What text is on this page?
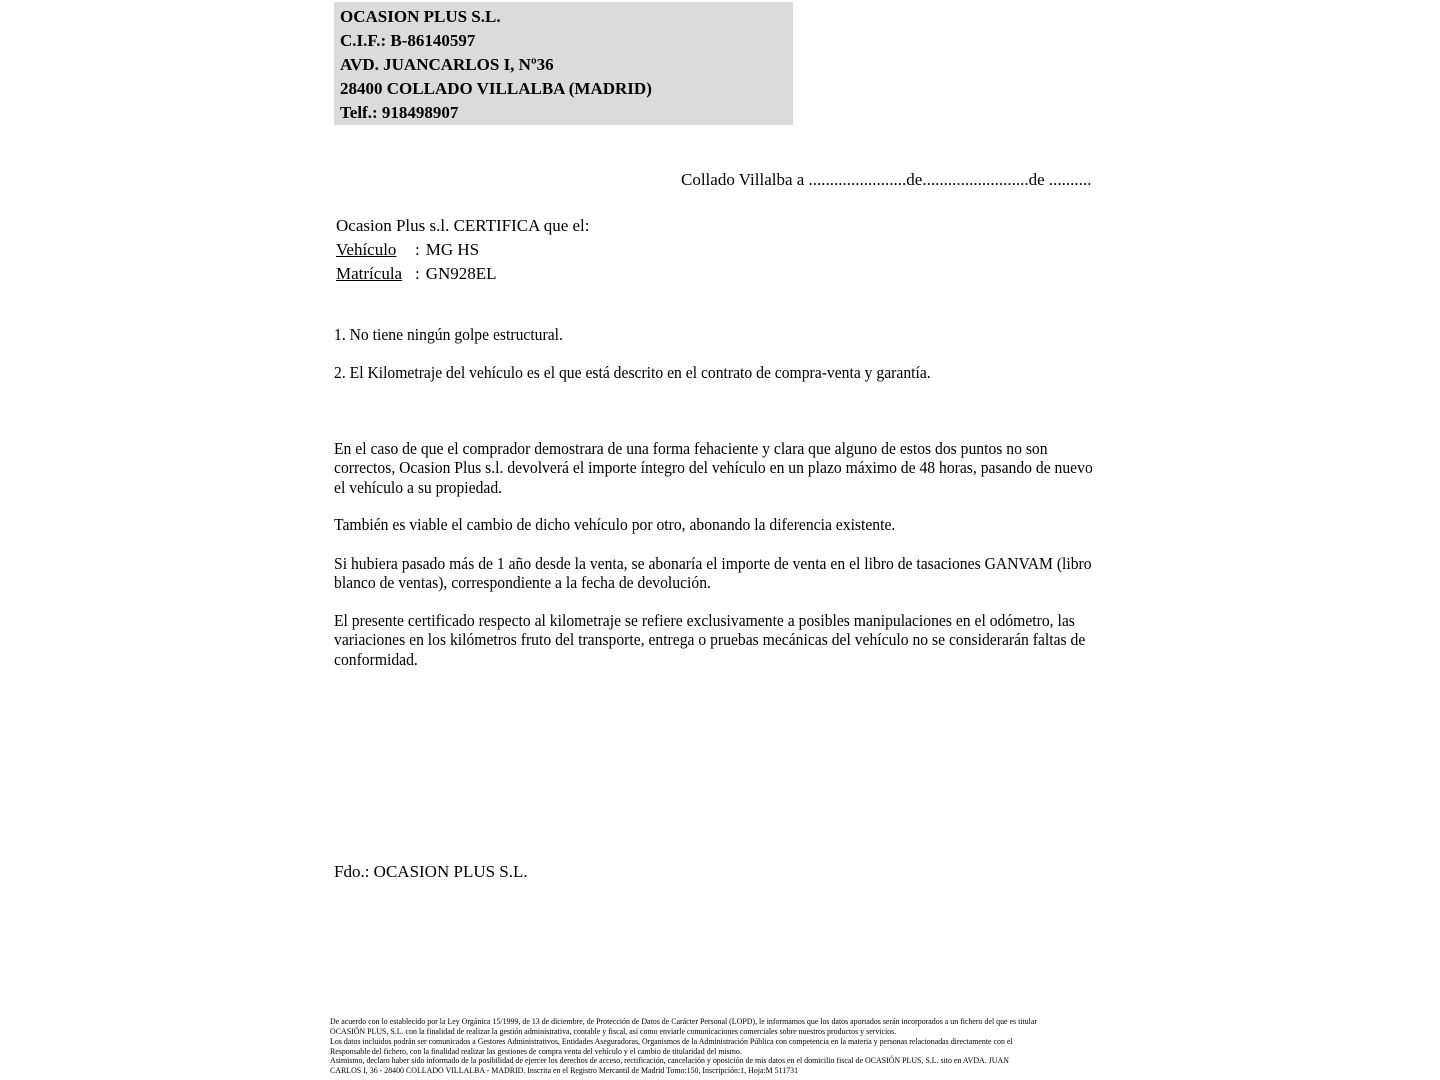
OCASION PLUS S.L.
C.I.F.: B-86140597
AVD. JUANCARLOS I, Nº36
28400 COLLADO VILLALBA (MADRID)
Telf.: 918498907
Collado Villalba a .......................de.........................de ..........
Ocasion Plus s.l. CERTIFICA que el:
Vehículo : MG HS
Matrícula : GN928EL
1. No tiene ningún golpe estructural.
2. El Kilometraje del vehículo es el que está descrito en el contrato de compra-venta y garantía.
En el caso de que el comprador demostrara de una forma fehaciente y clara que alguno de estos dos puntos no son correctos, Ocasion Plus s.l. devolverá el importe íntegro del vehículo en un plazo máximo de 48 horas, pasando de nuevo el vehículo a su propiedad.
También es viable el cambio de dicho vehículo por otro, abonando la diferencia existente.
Si hubiera pasado más de 1 año desde la venta, se abonaría el importe de venta en el libro de tasaciones GANVAM (libro blanco de ventas), correspondiente a la fecha de devolución.
El presente certificado respecto al kilometraje se refiere exclusivamente a posibles manipulaciones en el odómetro, las variaciones en los kilómetros fruto del transporte, entrega o pruebas mecánicas del vehículo no se considerarán faltas de conformidad.
Fdo.: OCASION PLUS S.L.
De acuerdo con lo establecido por la Ley Orgánica 15/1999, de 13 de diciembre, de Protección de Datos de Carácter Personal (LOPD), le informamos que los datos aportados serán incorporados a un fichero del que es titular
OCASIÓN PLUS, S.L. con la finalidad de realizar la gestión administrativa, contable y fiscal, así como enviarle comunicaciones comerciales sobre nuestros productos y servicios.
Los datos incluidos podrán ser comunicados a Gestores Administrativos, Entidades Aseguradoras, Organismos de la Administración Pública con competencia en la materia y personas relacionadas directamente con el
Responsable del fichero, con la finalidad realizar las gestiones de compra venta del vehículo y el cambio de titularidad del mismo.
Asimismo, declaro haber sido informado de la posibilidad de ejercer los derechos de acceso, rectificación, cancelación y oposición de mis datos en el domicilio fiscal de OCASIÓN PLUS, S.L. sito en AVDA. JUAN
CARLOS I, 36 - 28400 COLLADO VILLALBA - MADRID. Inscrita en el Registro Mercantil de Madrid Tomo:150, Inscripción:1, Hoja:M 511731
